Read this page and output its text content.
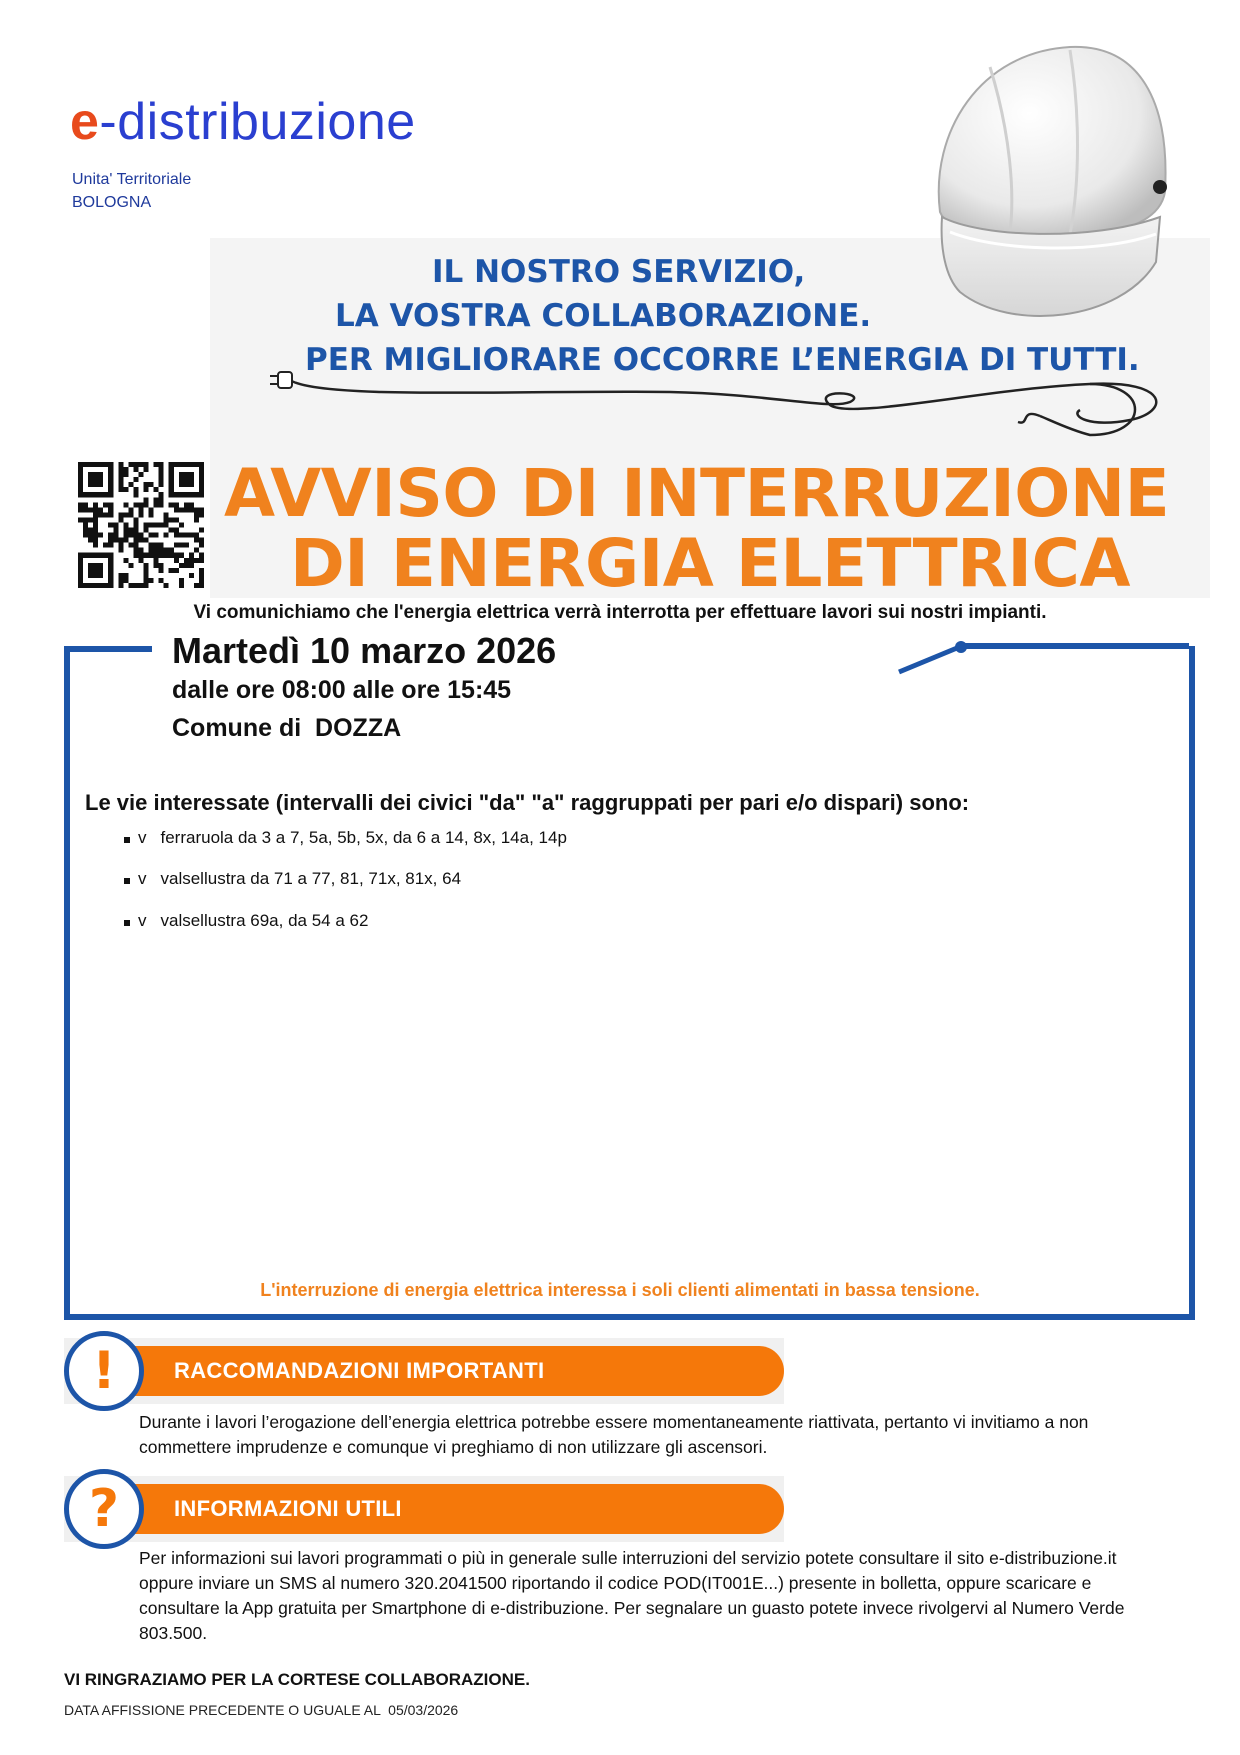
e-distribuzione
Unita' Territoriale
BOLOGNA
IL NOSTRO SERVIZIO,
LA VOSTRA COLLABORAZIONE.
PER MIGLIORARE OCCORRE L’ENERGIA DI TUTTI.
AVVISO DI INTERRUZIONE
DI ENERGIA ELETTRICA
Vi comunichiamo che l'energia elettrica verrà interrotta per effettuare lavori sui nostri impianti.
Martedì 10 marzo 2026
dalle ore 08:00 alle ore 15:45
Comune di  DOZZA
Le vie interessate (intervalli dei civici "da" "a" raggruppati per pari e/o dispari) sono:
v ferraruola da 3 a 7, 5a, 5b, 5x, da 6 a 14, 8x, 14a, 14p
v valsellustra da 71 a 77, 81, 71x, 81x, 64
v valsellustra 69a, da 54 a 62
L'interruzione di energia elettrica interessa i soli clienti alimentati in bassa tensione.
!	RACCOMANDAZIONI IMPORTANTI
Durante i lavori l’erogazione dell’energia elettrica potrebbe essere momentaneamente riattivata, pertanto vi invitiamo a non commettere imprudenze e comunque vi preghiamo di non utilizzare gli ascensori.
?	INFORMAZIONI UTILI
Per informazioni sui lavori programmati o più in generale sulle interruzioni del servizio potete consultare il sito e-distribuzione.it oppure inviare un SMS al numero 320.2041500 riportando il codice POD(IT001E...) presente in bolletta, oppure scaricare e consultare la App gratuita per Smartphone di e-distribuzione. Per segnalare un guasto potete invece rivolgervi al Numero Verde 803.500.
VI RINGRAZIAMO PER LA CORTESE COLLABORAZIONE.
DATA AFFISSIONE PRECEDENTE O UGUALE AL  05/03/2026
